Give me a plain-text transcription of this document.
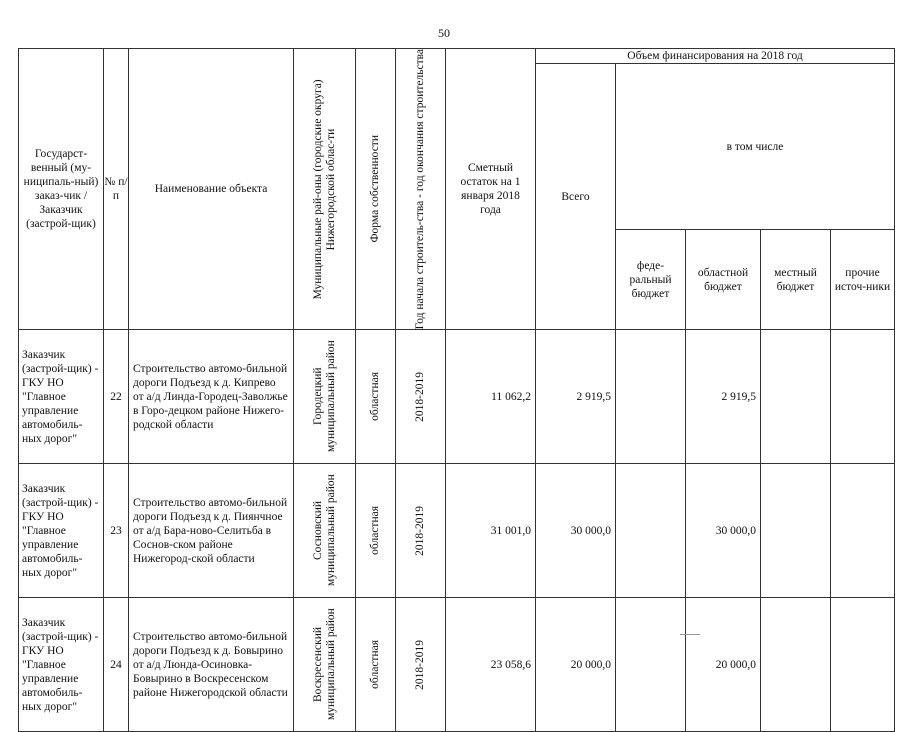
50
Государст-венный (му-ниципаль-ный) заказ-чик / Заказчик (застрой-щик)	№ п/п	Наименование объекта	Муниципальные рай-оны (городские округа) Нижегородской облас-ти	Форма собственности	Год начала строитель-ства - год окончания строительства	Сметный остаток на 1 января 2018 года	Объем финансирования на 2018 год				
							Всего	в том числе			
								феде-ральный бюджет	областной бюджет	местный бюджет	прочие источ-ники
Заказчик (застрой-щик) - ГКУ НО "Главное управление автомобиль-ных дорог"	22	Строительство автомо-бильной дороги Подъезд к д. Кипрево от а/д Линда-Городец-Заволжье в Горо-децком районе Нижего-родской области	Городецкий муниципальный район	областная	2018-2019	11 062,2	2 919,5		2 919,5		
Заказчик (застрой-щик) - ГКУ НО "Главное управление автомобиль-ных дорог"	23	Строительство автомо-бильной дороги Подъезд к д. Пиянчное от а/д Бара-ново-Селитьба в Соснов-ском районе Нижегород-ской области	Сосновский муниципальный район	областная	2018-2019	31 001,0	30 000,0		30 000,0		
Заказчик (застрой-щик) - ГКУ НО "Главное управление автомобиль-ных дорог"	24	Строительство автомо-бильной дороги Подъезд к д. Бовырино от а/д Люнда-Осиновка-Бовырино в Воскресенском районе Нижегородской области	Воскресенский муниципальный район	областная	2018-2019	23 058,6	20 000,0		20 000,0		
